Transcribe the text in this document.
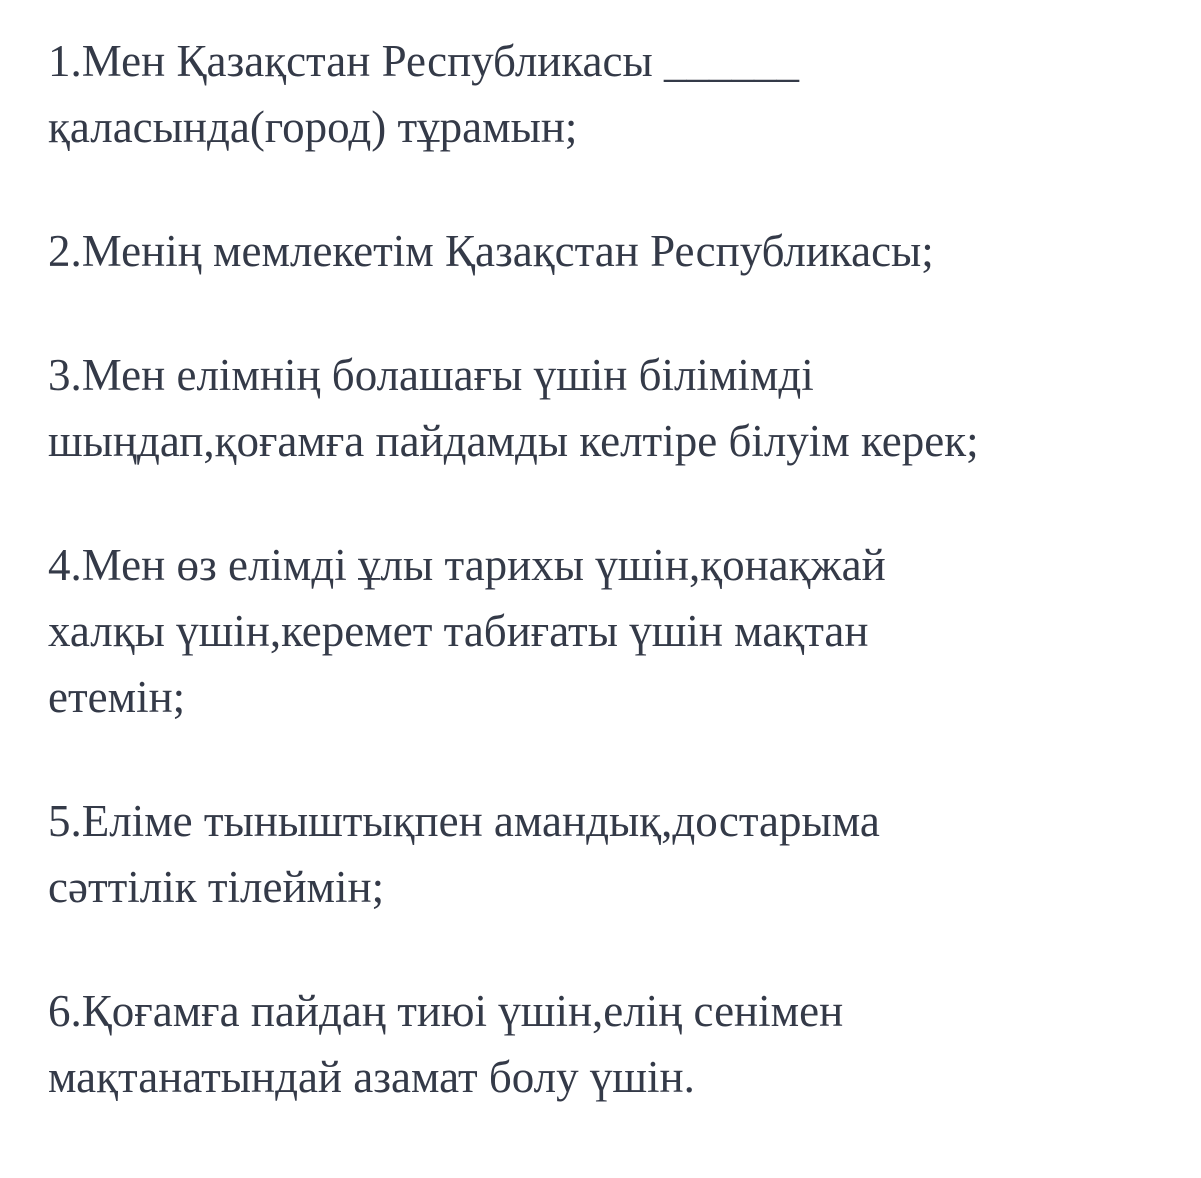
1.Мен Қазақстан Республикасы ______
қаласында(город) тұрамын;
2.Менің мемлекетім Қазақстан Республикасы;
3.Мен елімнің болашағы үшін білімімді
шыңдап,қоғамға пайдамды келтіре білуім керек;
4.Мен өз елімді ұлы тарихы үшін,қонақжай
халқы үшін,керемет табиғаты үшін мақтан
етемін;
5.Еліме тыныштықпен амандық,достарыма
сәттілік тілеймін;
6.Қоғамға пайдаң тиюі үшін,елің сенімен
мақтанатындай азамат болу үшін.
